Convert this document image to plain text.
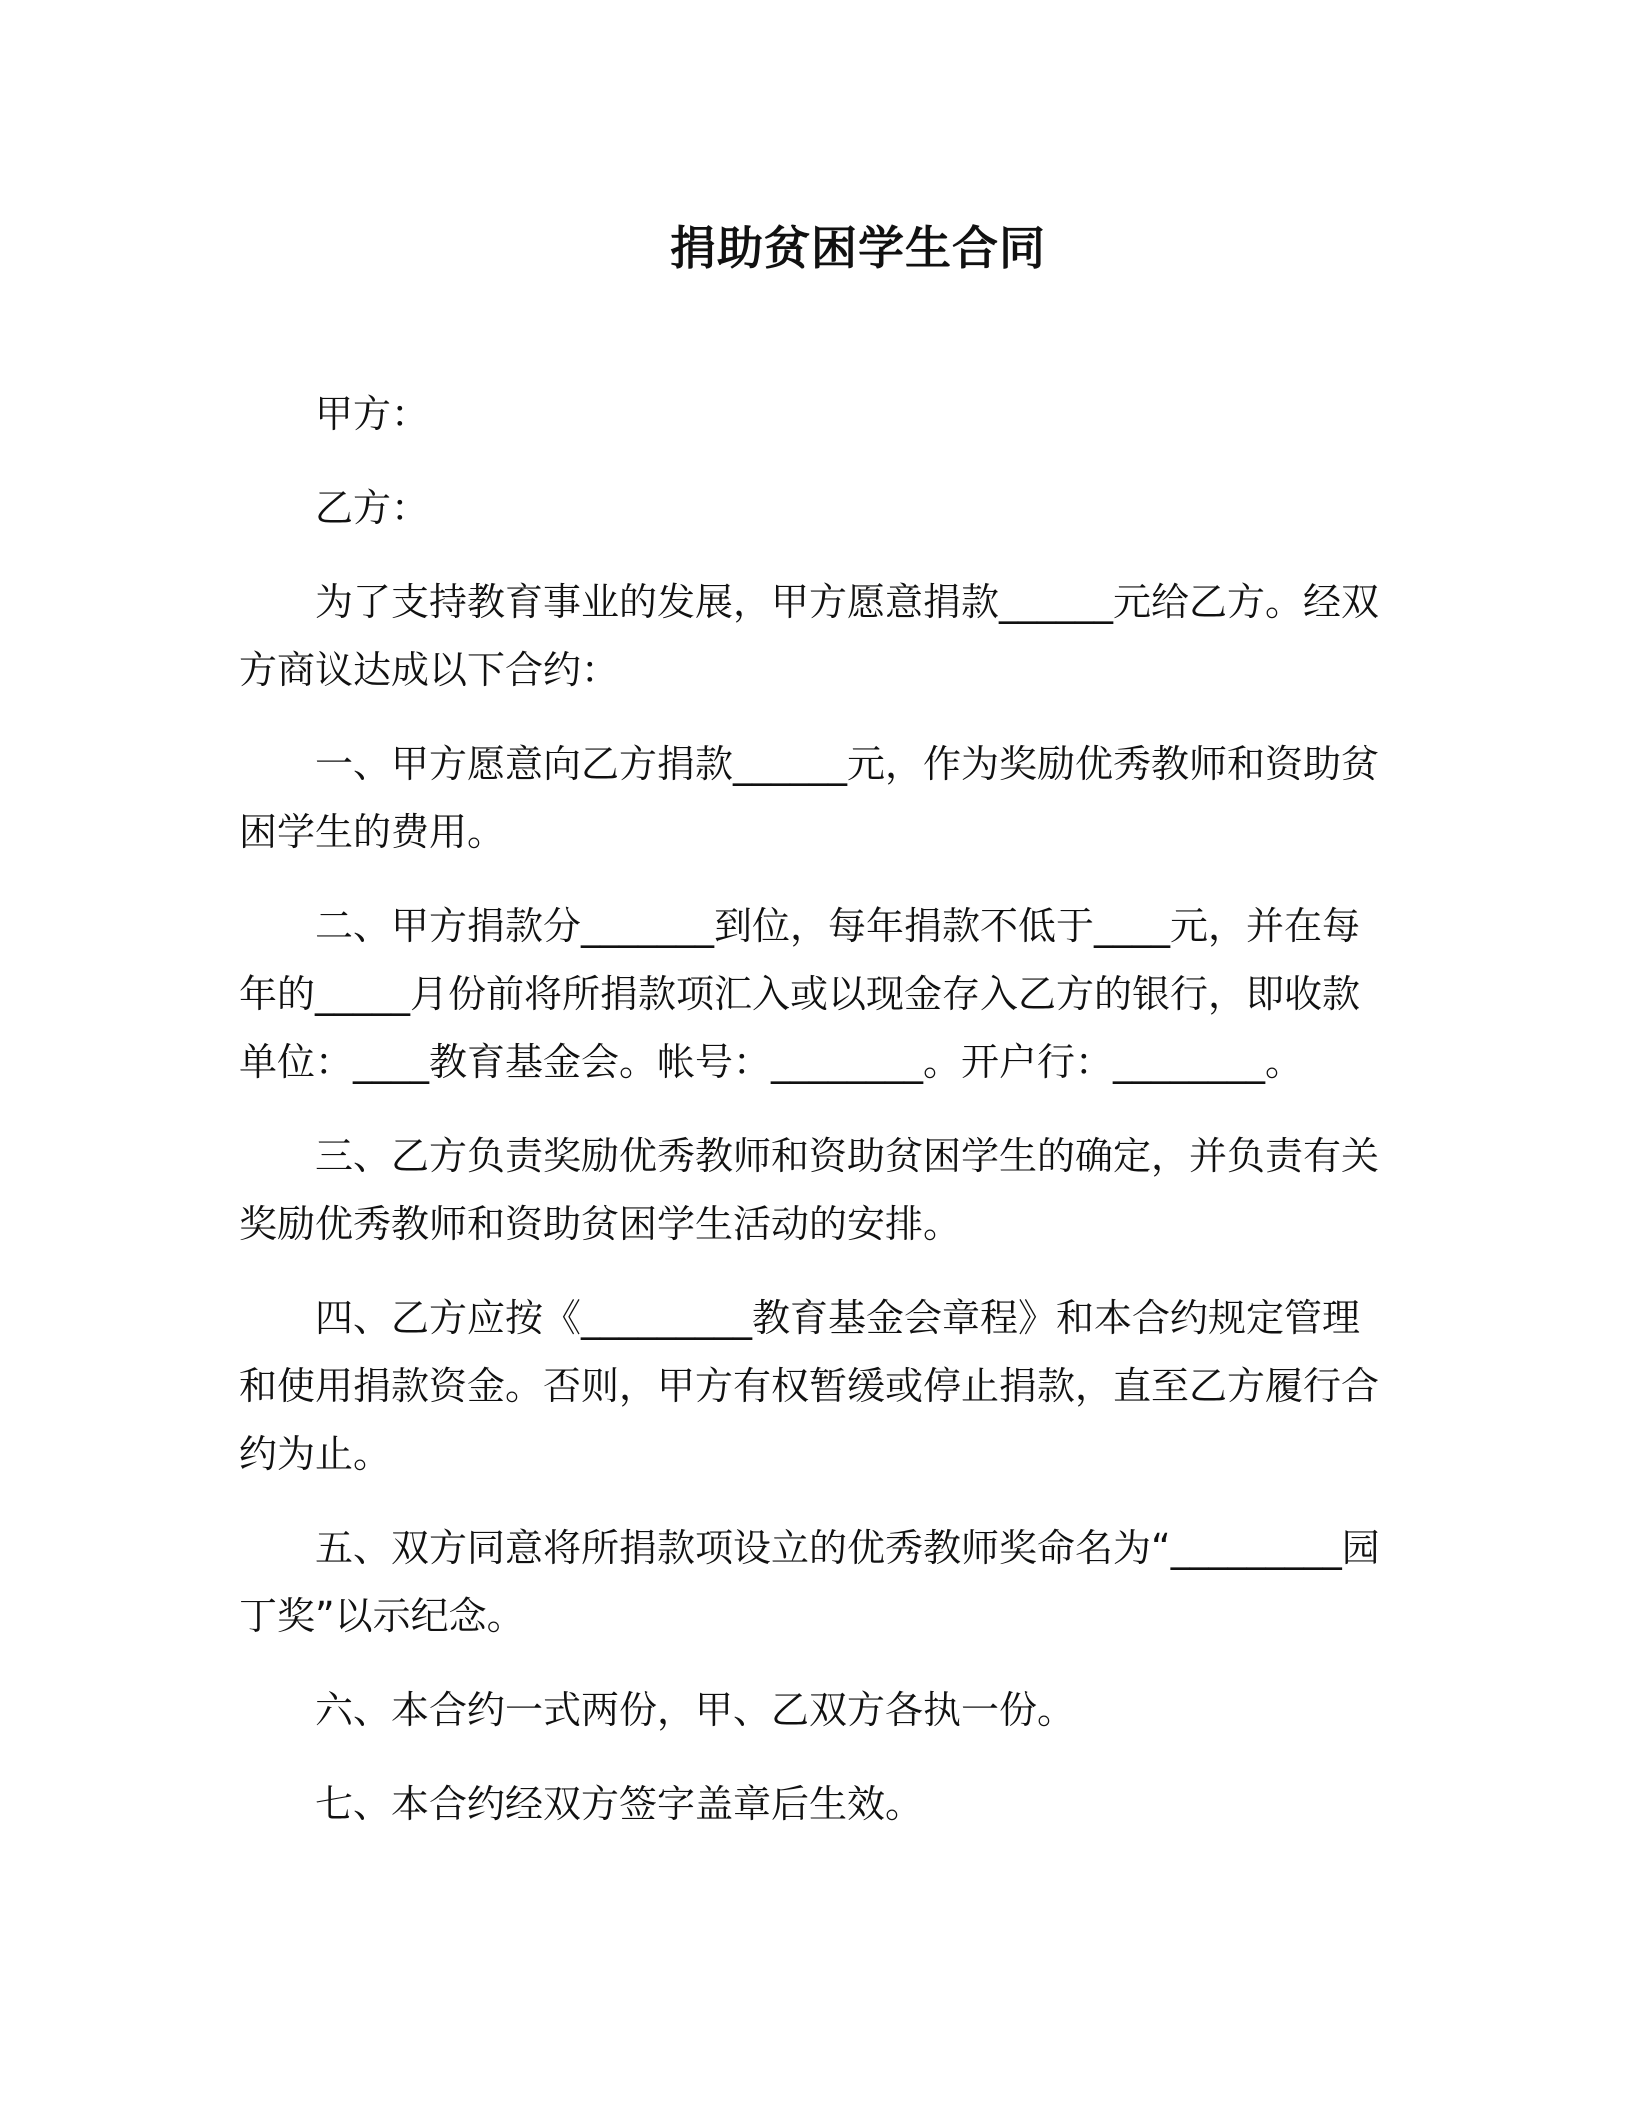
捐助贫困学生合同

甲方：

乙方：

为了支持教育事业的发展，甲方愿意捐款______元给乙方。经双方商议达成以下合约：

一、甲方愿意向乙方捐款______元，作为奖励优秀教师和资助贫困学生的费用。

二、甲方捐款分_______到位，每年捐款不低于____元，并在每年的_____月份前将所捐款项汇入或以现金存入乙方的银行，即收款单位：____教育基金会。帐号：________。开户行：________。

三、乙方负责奖励优秀教师和资助贫困学生的确定，并负责有关奖励优秀教师和资助贫困学生活动的安排。

四、乙方应按《_________教育基金会章程》和本合约规定管理和使用捐款资金。否则，甲方有权暂缓或停止捐款，直至乙方履行合约为止。

五、双方同意将所捐款项设立的优秀教师奖命名为“_________园丁奖”以示纪念。

六、本合约一式两份，甲、乙双方各执一份。

七、本合约经双方签字盖章后生效。
